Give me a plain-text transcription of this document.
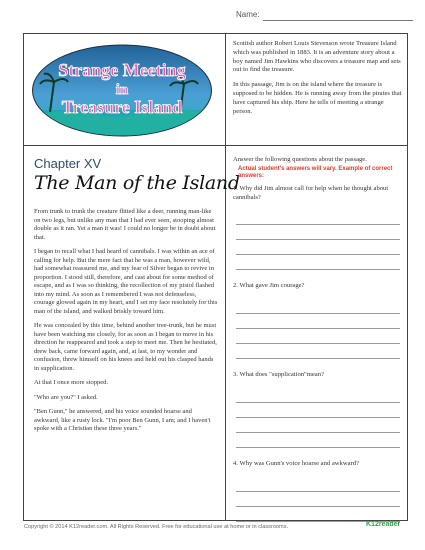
Name:
Strange Meeting
in
Treasure Island

Scottish author Robert Louis Stevenson wrote Treasure Island which was published in 1883. It is an adventure story about a boy named Jim Hawkins who discovers a treasure map and sets out to find the treasure.

In this passage, Jim is on the island where the treasure is supposed to be hidden. He is running away from the pirates that have captured his ship. Here he tells of meeting a strange person.

Chapter XV
The Man of the Island

From trunk to trunk the creature flitted like a deer, running man-like on two legs, but unlike any man that I had ever seen, stooping almost double as it ran. Yet a man it was! I could no longer be in doubt about that.

I began to recall what I had heard of cannibals. I was within an ace of calling for help. But the mere fact that he was a man, however wild, had somewhat reassured me, and my fear of Silver began to revive in proportion. I stood still, therefore, and cast about for some method of escape, and as I was so thinking, the recollection of my pistol flashed into my mind. As soon as I remembered I was not defenseless, courage glowed again in my heart, and I set my face resolutely for this man of the island, and walked briskly toward him.

He was concealed by this time, behind another tree-trunk, but he must have been watching me closely, for as soon as I began to move in his direction he reappeared and took a step to meet me. Then he hesitated, drew back, came forward again, and, at last, to my wonder and confusion, threw himself on his knees and held out his clasped hands in supplication.

At that I once more stopped.

"Who are you?" I asked.

"Ben Gunn," he answered, and his voice sounded hoarse and awkward, like a rusty lock. "I'm poor Ben Gunn, I am; and I haven't spoke with a Christian these three years."

Answer the following questions about the passage.

Actual student's answers will vary. Example of correct answers:

1. Why did Jim almost call for help when he thought about cannibals?

2. What gave Jim courage?

3. What does "supplication"mean?

4. Why was Gunn's voice hoarse and awkward?

Copyright © 2014 K12reader.com. All Rights Reserved. Free for educational use at home or in classrooms.	K12reader
